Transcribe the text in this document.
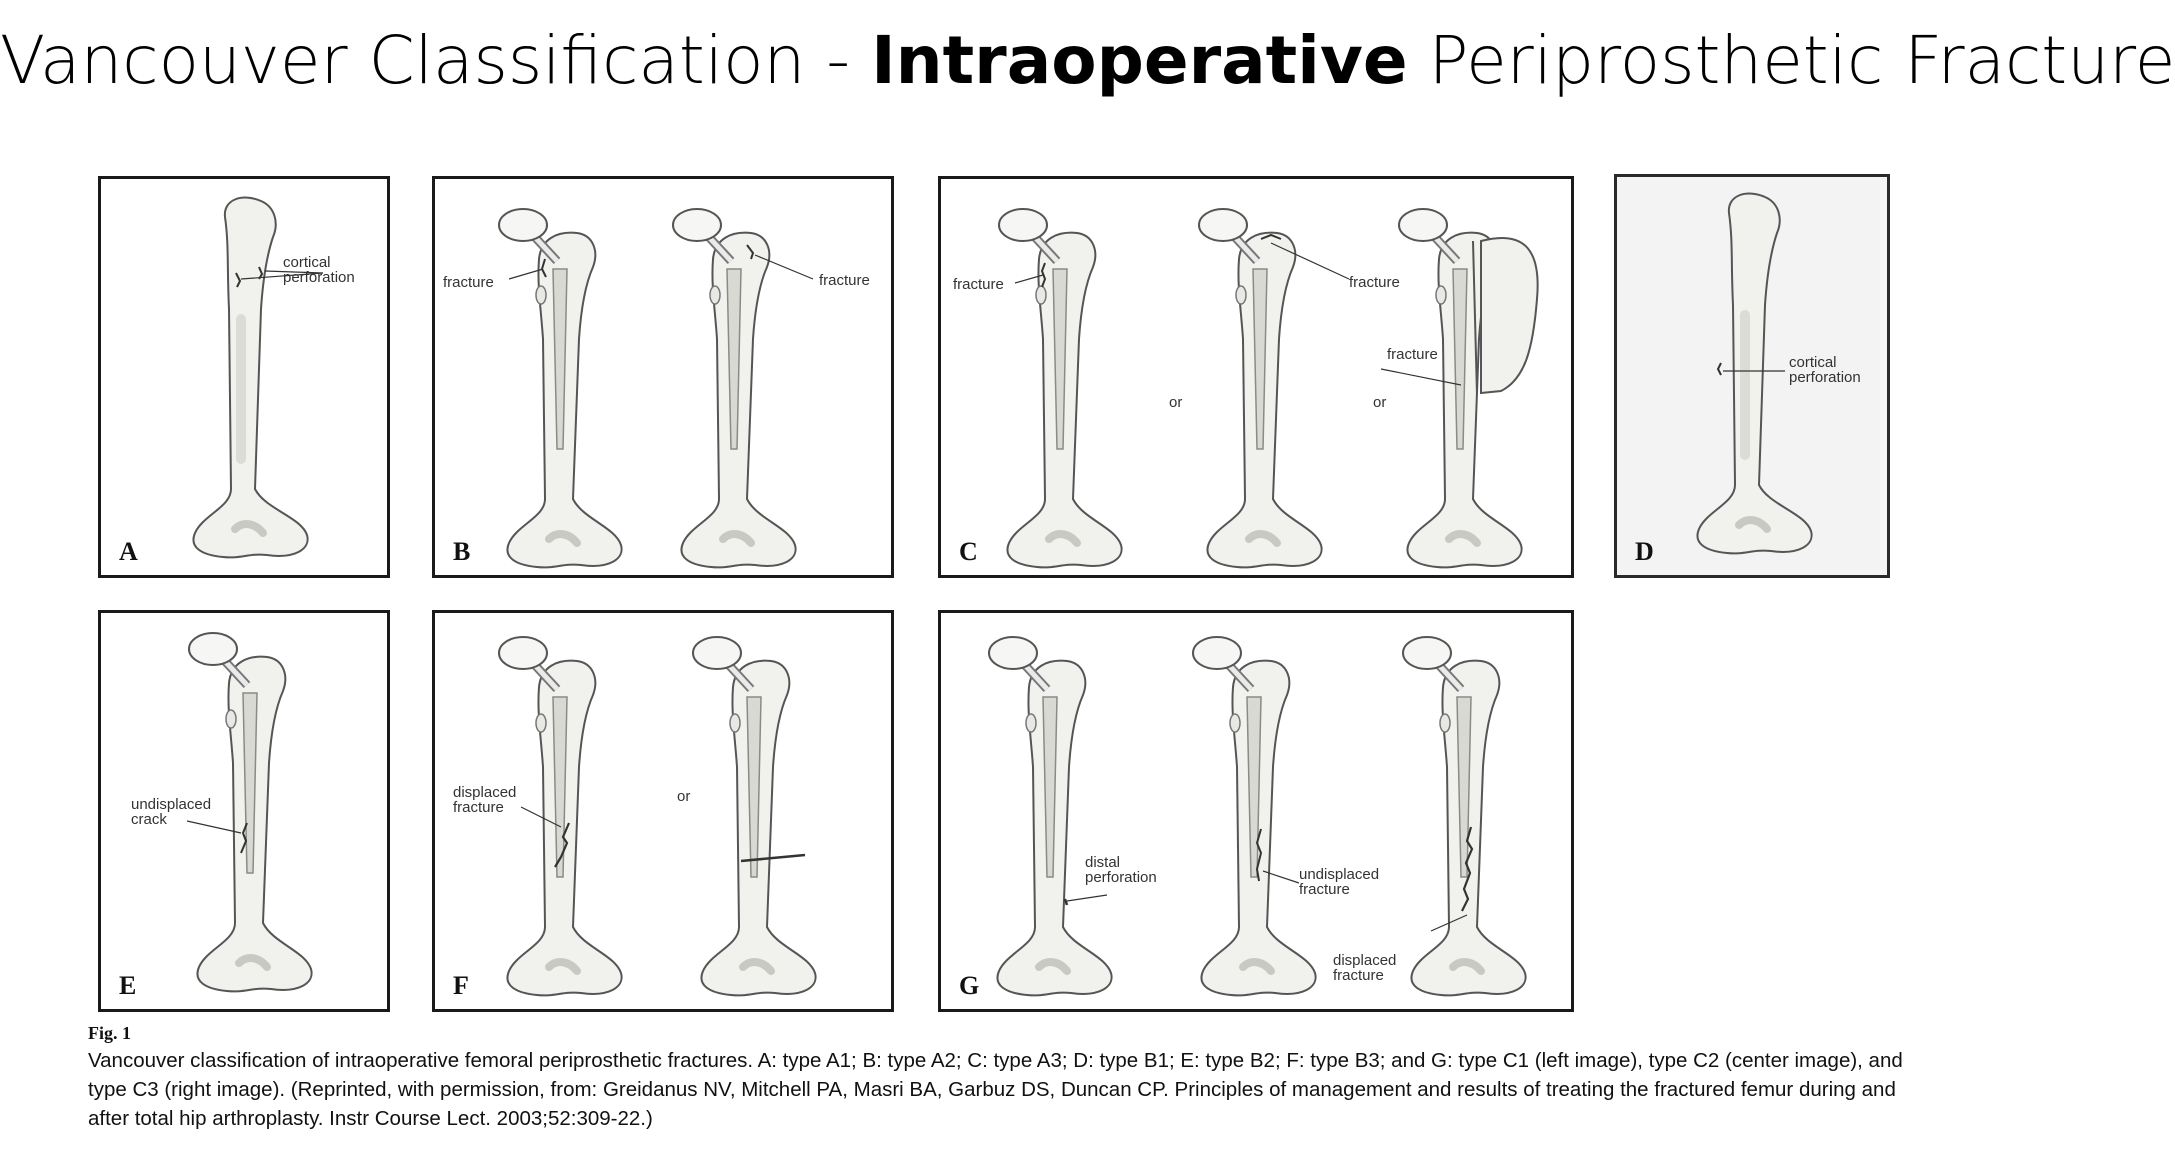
Vancouver Classification - Intraoperative Periprosthetic Fracture
cortical
perforation
A
fracture	fracture
B
fracture	fracture
fracture
or	or
C
cortical
perforation
D
undisplaced
crack
E
displaced
fracture
or
F
distal
perforation	undisplaced
fracture
displaced
fracture
G
Fig. 1
Vancouver classification of intraoperative femoral periprosthetic fractures. A: type A1; B: type A2; C: type A3; D: type B1; E: type B2; F: type B3; and G: type C1 (left image), type C2 (center image), and type C3 (right image). (Reprinted, with permission, from: Greidanus NV, Mitchell PA, Masri BA, Garbuz DS, Duncan CP. Principles of management and results of treating the fractured femur during and after total hip arthroplasty. Instr Course Lect. 2003;52:309-22.)
